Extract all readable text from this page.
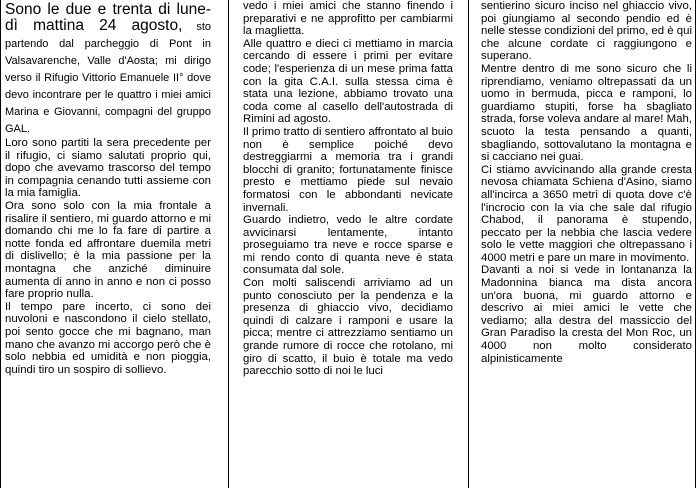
Sono le due e trenta di lune-dì mattina 24 agosto, sto partendo dal parcheggio di Pont in Valsavarenche, Valle d'Aosta; mi dirigo verso il Rifugio Vittorio Emanuele II° dove devo incontrare per le quattro i miei amici Marina e Giovanni, compagni del gruppo GAL.

Loro sono partiti la sera precedente per il rifugio, ci siamo salutati proprio qui, dopo che avevamo trascorso del tempo in compagnia cenando tutti assieme con la mia famiglia.

Ora sono solo con la mia frontale a risalire il sentiero, mi guardo attorno e mi domando chi me lo fa fare di partire a notte fonda ed affrontare duemila metri di dislivello; è la mia passione per la montagna che anziché diminuire aumenta di anno in anno e non ci posso fare proprio nulla.

Il tempo pare incerto, ci sono dei nuvoloni e nascondono il cielo stellato, poi sento gocce che mi bagnano, man mano che avanzo mi accorgo però che è solo nebbia ed umidità e non pioggia, quindi tiro un sospiro di sollievo.

vedo i miei amici che stanno finendo i preparativi e ne approfitto per cambiarmi la maglietta.

Alle quattro e dieci ci mettiamo in marcia cercando di essere i primi per evitare code; l'esperienza di un mese prima fatta con la gita C.A.I. sulla stessa cima è stata una lezione, abbiamo trovato una coda come al casello dell'autostrada di Rimini ad agosto.

Il primo tratto di sentiero affrontato al buio non è semplice poiché devo destreggiarmi a memoria tra i grandi blocchi di granito; fortunatamente finisce presto e mettiamo piede sul nevaio formatosi con le abbondanti nevicate invernali.

Guardo indietro, vedo le altre cordate avvicinarsi lentamente, intanto proseguiamo tra neve e rocce sparse e mi rendo conto di quanta neve è stata consumata dal sole.

Con molti saliscendi arriviamo ad un punto conosciuto per la pendenza e la presenza di ghiaccio vivo, decidiamo quindi di calzare i ramponi e usare la picca; mentre ci attrezziamo sentiamo un grande rumore di rocce che rotolano, mi giro di scatto, il buio è totale ma vedo parecchio sotto di noi le luci

sentierino sicuro inciso nel ghiaccio vivo, poi giungiamo al secondo pendio ed è nelle stesse condizioni del primo, ed è qui che alcune cordate ci raggiungono e superano.

Mentre dentro di me sono sicuro che li riprendiamo, veniamo oltrepassati da un uomo in bermuda, picca e ramponi, lo guardiamo stupiti, forse ha sbagliato strada, forse voleva andare al mare! Mah, scuoto la testa pensando a quanti, sbagliando, sottovalutano la montagna e si cacciano nei guai.

Ci stiamo avvicinando alla grande cresta nevosa chiamata Schiena d'Asino, siamo all'incirca a 3650 metri di quota dove c'è l'incrocio con la via che sale dal rifugio Chabod, il panorama è stupendo, peccato per la nebbia che lascia vedere solo le vette maggiori che oltrepassano i 4000 metri e pare un mare in movimento.

Davanti a noi si vede in lontananza la Madonnina bianca ma dista ancora un'ora buona, mi guardo attorno e descrivo ai miei amici le vette che vediamo; alla destra del massiccio del Gran Paradiso la cresta del Mon Roc, un 4000 non molto considerato alpinisticamente
